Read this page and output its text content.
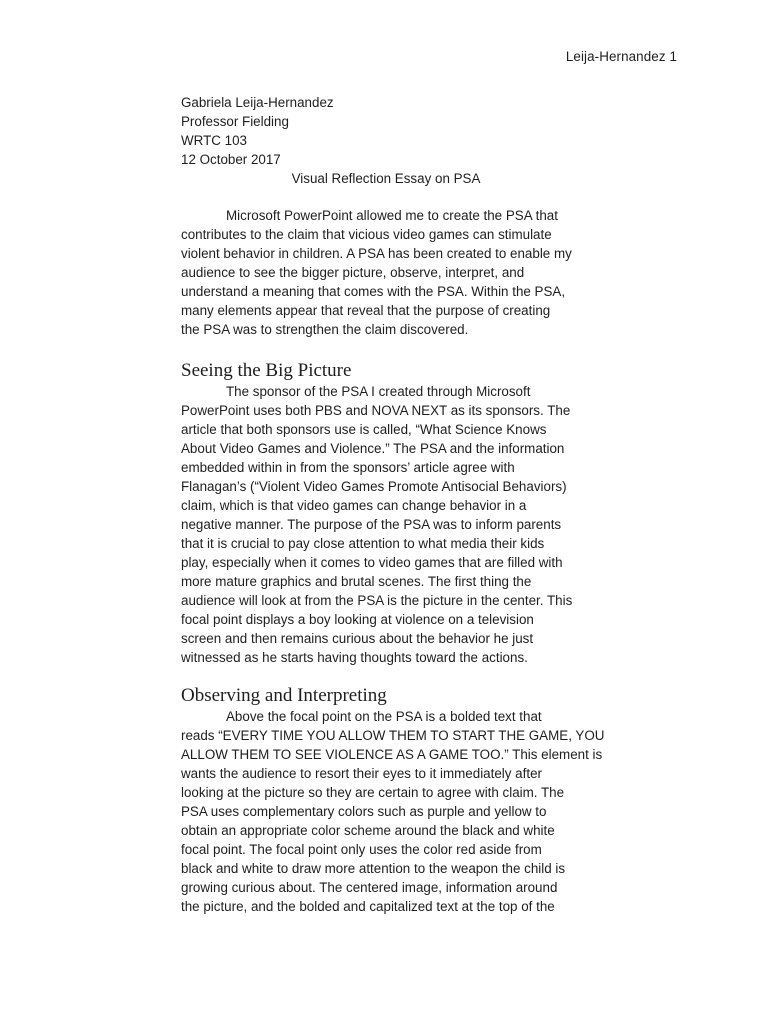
Leija-Hernandez 1
Gabriela Leija-Hernandez
Professor Fielding
WRTC 103
12 October 2017
Visual Reflection Essay on PSA

Microsoft PowerPoint allowed me to create the PSA that
contributes to the claim that vicious video games can stimulate
violent behavior in children. A PSA has been created to enable my
audience to see the bigger picture, observe, interpret, and
understand a meaning that comes with the PSA. Within the PSA,
many elements appear that reveal that the purpose of creating
the PSA was to strengthen the claim discovered.

Seeing the Big Picture

The sponsor of the PSA I created through Microsoft
PowerPoint uses both PBS and NOVA NEXT as its sponsors. The
article that both sponsors use is called, “What Science Knows
About Video Games and Violence.” The PSA and the information
embedded within in from the sponsors’ article agree with
Flanagan’s (“Violent Video Games Promote Antisocial Behaviors)
claim, which is that video games can change behavior in a
negative manner. The purpose of the PSA was to inform parents
that it is crucial to pay close attention to what media their kids
play, especially when it comes to video games that are filled with
more mature graphics and brutal scenes. The first thing the
audience will look at from the PSA is the picture in the center. This
focal point displays a boy looking at violence on a television
screen and then remains curious about the behavior he just
witnessed as he starts having thoughts toward the actions.

Observing and Interpreting

Above the focal point on the PSA is a bolded text that
reads “EVERY TIME YOU ALLOW THEM TO START THE GAME, YOU
ALLOW THEM TO SEE VIOLENCE AS A GAME TOO.” This element is
wants the audience to resort their eyes to it immediately after
looking at the picture so they are certain to agree with claim. The
PSA uses complementary colors such as purple and yellow to
obtain an appropriate color scheme around the black and white
focal point. The focal point only uses the color red aside from
black and white to draw more attention to the weapon the child is
growing curious about. The centered image, information around
the picture, and the bolded and capitalized text at the top of the
